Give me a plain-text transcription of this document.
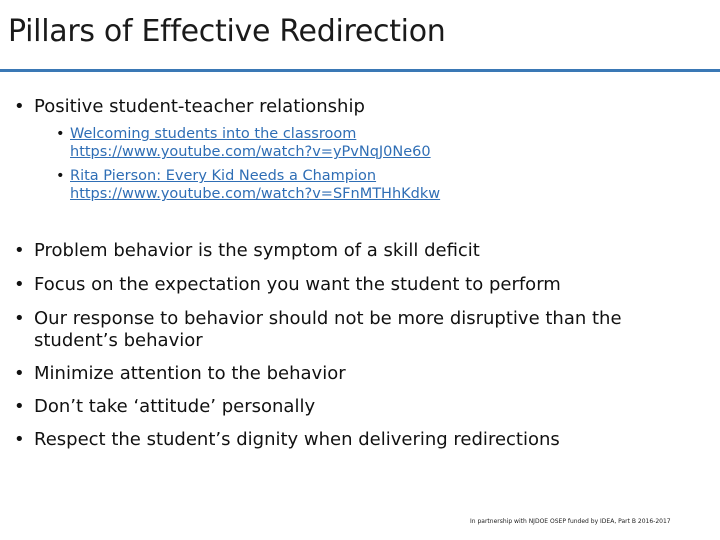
Pillars of Effective Redirection
• Positive student-teacher relationship
• Welcoming students into the classroom
https://www.youtube.com/watch?v=yPvNqJ0Ne60
• Rita Pierson: Every Kid Needs a Champion
https://www.youtube.com/watch?v=SFnMTHhKdkw
• Problem behavior is the symptom of a skill deficit
• Focus on the expectation you want the student to perform
• Our response to behavior should not be more disruptive than the
student’s behavior
• Minimize attention to the behavior
• Don’t take ‘attitude’ personally
• Respect the student’s dignity when delivering redirections
In partnership with NJDOE OSEP funded by IDEA, Part B 2016-2017
